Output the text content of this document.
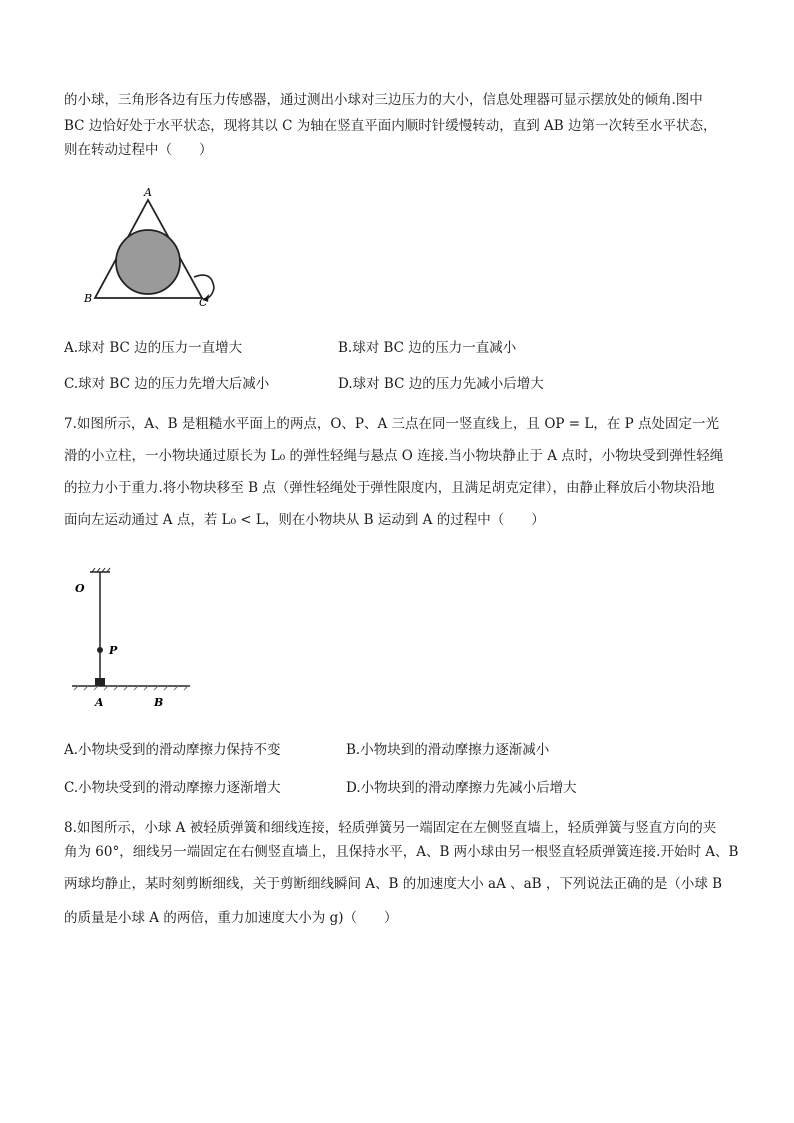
的小球，三角形各边有压力传感器，通过测出小球对三边压力的大小，信息处理器可显示摆放处的倾角.图中
BC 边恰好处于水平状态，现将其以 C 为轴在竖直平面内顺时针缓慢转动，直到 AB 边第一次转至水平状态，
则在转动过程中（　　）
A
B	C
A.球对 BC 边的压力一直增大	B.球对 BC 边的压力一直减小
C.球对 BC 边的压力先增大后减小	D.球对 BC 边的压力先减小后增大
7.如图所示，A、B 是粗糙水平面上的两点，O、P、A 三点在同一竖直线上，且 OP = L，在 P 点处固定一光
滑的小立柱，一小物块通过原长为 L₀ 的弹性轻绳与悬点 O 连接.当小物块静止于 A 点时，小物块受到弹性轻绳
的拉力小于重力.将小物块移至 B 点（弹性轻绳处于弹性限度内，且满足胡克定律），由静止释放后小物块沿地
面向左运动通过 A 点，若 L₀ < L，则在小物块从 B 运动到 A 的过程中（　　）
O
P
A	B
A.小物块受到的滑动摩擦力保持不变	B.小物块到的滑动摩擦力逐渐减小
C.小物块受到的滑动摩擦力逐渐增大	D.小物块到的滑动摩擦力先减小后增大
8.如图所示，小球 A 被轻质弹簧和细线连接，轻质弹簧另一端固定在左侧竖直墙上，轻质弹簧与竖直方向的夹
角为 60°，细线另一端固定在右侧竖直墙上，且保持水平，A、B 两小球由另一根竖直轻质弹簧连接.开始时 A、B
两球均静止，某时刻剪断细线，关于剪断细线瞬间 A、B 的加速度大小 aA 、aB ，下列说法正确的是（小球 B
的质量是小球 A 的两倍，重力加速度大小为 g)（　　）
